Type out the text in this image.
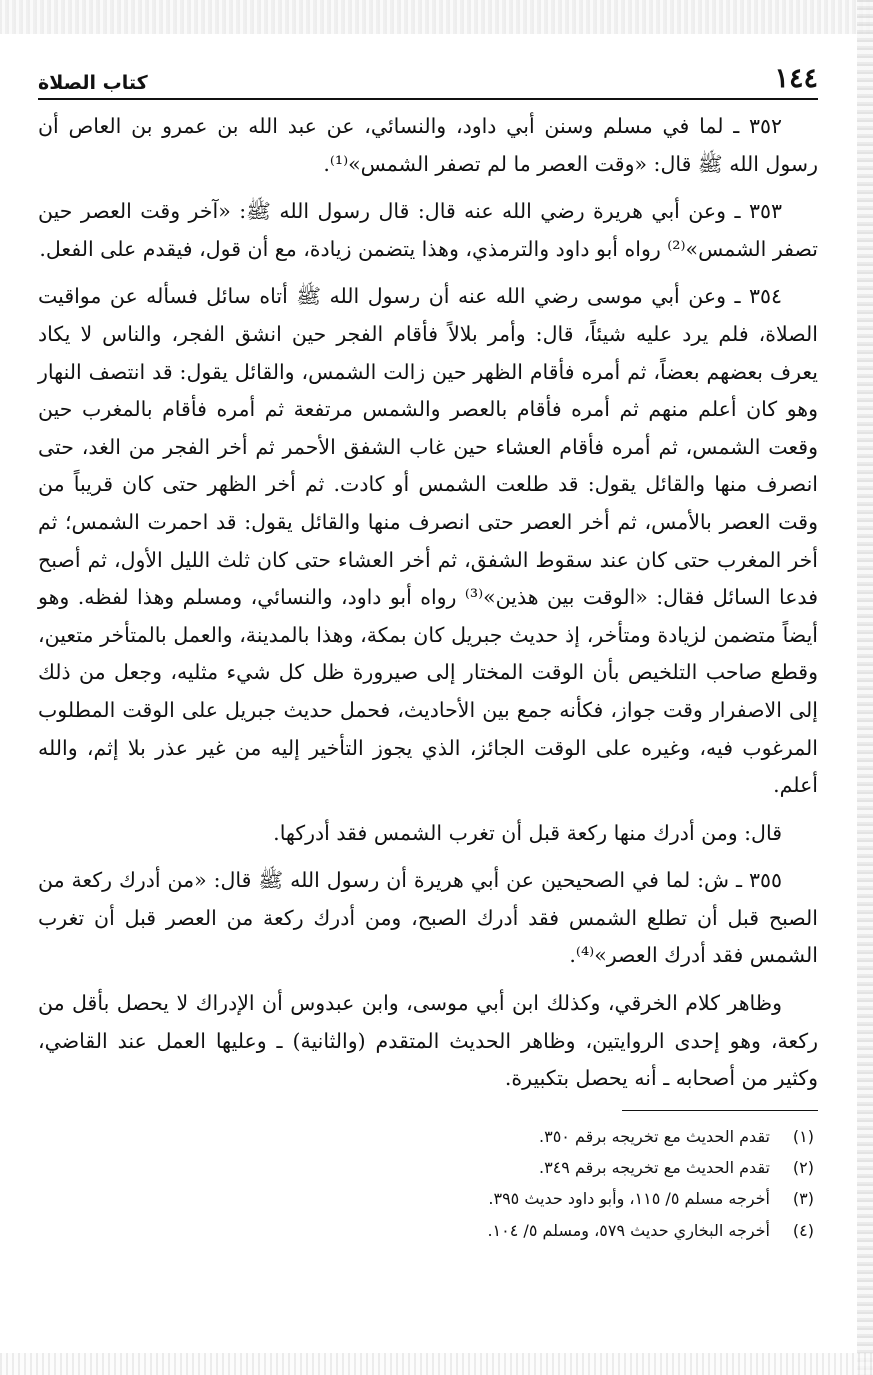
١٤٤
كتاب الصلاة

٣٥٢ ـ لما في مسلم وسنن أبي داود، والنسائي، عن عبد الله بن عمرو بن العاص أن رسول الله ﷺ قال: «وقت العصر ما لم تصفر الشمس»⁽¹⁾.

٣٥٣ ـ وعن أبي هريرة رضي الله عنه قال: قال رسول الله ﷺ: «آخر وقت العصر حين تصفر الشمس»⁽²⁾ رواه أبو داود والترمذي، وهذا يتضمن زيادة، مع أن قول، فيقدم على الفعل.

٣٥٤ ـ وعن أبي موسى رضي الله عنه أن رسول الله ﷺ أتاه سائل فسأله عن مواقيت الصلاة، فلم يرد عليه شيئاً، قال: وأمر بلالاً فأقام الفجر حين انشق الفجر، والناس لا يكاد يعرف بعضهم بعضاً، ثم أمره فأقام الظهر حين زالت الشمس، والقائل يقول: قد انتصف النهار وهو كان أعلم منهم ثم أمره فأقام بالعصر والشمس مرتفعة ثم أمره فأقام بالمغرب حين وقعت الشمس، ثم أمره فأقام العشاء حين غاب الشفق الأحمر ثم أخر الفجر من الغد، حتى انصرف منها والقائل يقول: قد طلعت الشمس أو كادت. ثم أخر الظهر حتى كان قريباً من وقت العصر بالأمس، ثم أخر العصر حتى انصرف منها والقائل يقول: قد احمرت الشمس؛ ثم أخر المغرب حتى كان عند سقوط الشفق، ثم أخر العشاء حتى كان ثلث الليل الأول، ثم أصبح فدعا السائل فقال: «الوقت بين هذين»⁽³⁾ رواه أبو داود، والنسائي، ومسلم وهذا لفظه. وهو أيضاً متضمن لزيادة ومتأخر، إذ حديث جبريل كان بمكة، وهذا بالمدينة، والعمل بالمتأخر متعين، وقطع صاحب التلخيص بأن الوقت المختار إلى صيرورة ظل كل شيء مثليه، وجعل من ذلك إلى الاصفرار وقت جواز، فكأنه جمع بين الأحاديث، فحمل حديث جبريل على الوقت المطلوب المرغوب فيه، وغيره على الوقت الجائز، الذي يجوز التأخير إليه من غير عذر بلا إثم، والله أعلم.

قال: ومن أدرك منها ركعة قبل أن تغرب الشمس فقد أدركها.

٣٥٥ ـ ش: لما في الصحيحين عن أبي هريرة أن رسول الله ﷺ قال: «من أدرك ركعة من الصبح قبل أن تطلع الشمس فقد أدرك الصبح، ومن أدرك ركعة من العصر قبل أن تغرب الشمس فقد أدرك العصر»⁽⁴⁾.

وظاهر كلام الخرقي، وكذلك ابن أبي موسى، وابن عبدوس أن الإدراك لا يحصل بأقل من ركعة، وهو إحدى الروايتين، وظاهر الحديث المتقدم (والثانية) ـ وعليها العمل عند القاضي، وكثير من أصحابه ـ أنه يحصل بتكبيرة.

(١)
تقدم الحديث مع تخريجه برقم ٣٥٠.
(٢)
تقدم الحديث مع تخريجه برقم ٣٤٩.
(٣)
أخرجه مسلم ٥/ ١١٥، وأبو داود حديث ٣٩٥.
(٤)
أخرجه البخاري حديث ٥٧٩، ومسلم ٥/ ١٠٤.
